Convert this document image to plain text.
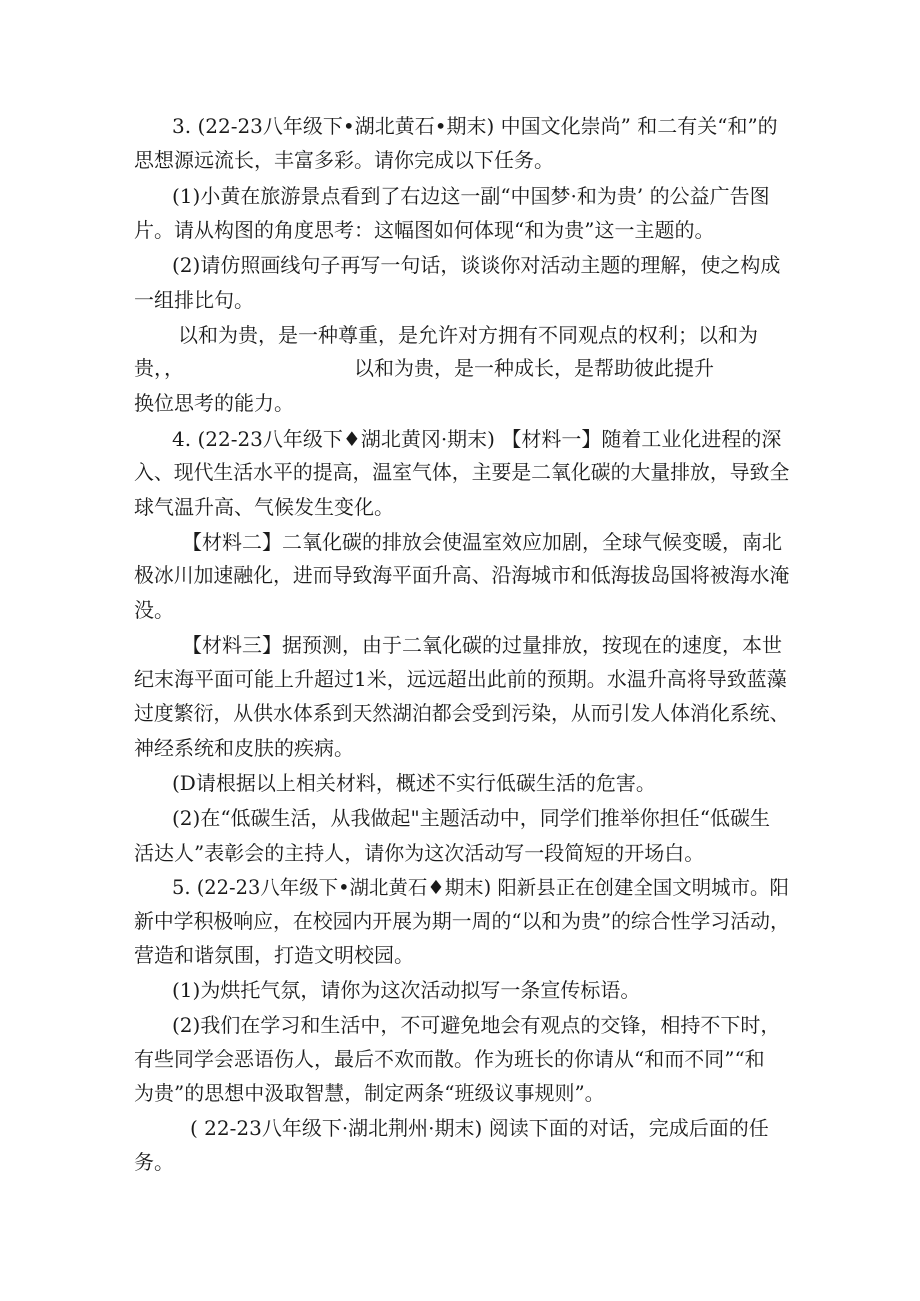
3. (22-23八年级下•湖北黄石•期末) 中国文化崇尚” 和二有关“和”的
思想源远流长，丰富多彩。请你完成以下任务。
(1)小黄在旅游景点看到了右边这一副“中国梦·和为贵’ 的公益广告图
片。请从构图的角度思考：这幅图如何体现“和为贵”这一主题的。
(2)请仿照画线句子再写一句话，谈谈你对活动主题的理解，使之构成
一组排比句。
以和为贵，是一种尊重，是允许对方拥有不同观点的权利；以和为
贵，，	以和为贵，是一种成长，是帮助彼此提升
换位思考的能力。
4. (22-23八年级下♦湖北黄冈·期末) 【材料一】随着工业化进程的深
入、现代生活水平的提高，温室气体，主要是二氧化碳的大量排放，导致全
球气温升高、气候发生变化。
【材料二】二氧化碳的排放会使温室效应加剧，全球气候变暖，南北
极冰川加速融化，进而导致海平面升高、沿海城市和低海拔岛国将被海水淹
没。
【材料三】据预测，由于二氧化碳的过量排放，按现在的速度，本世
纪末海平面可能上升超过1米，远远超出此前的预期。水温升高将导致蓝藻
过度繁衍，从供水体系到天然湖泊都会受到污染，从而引发人体消化系统、
神经系统和皮肤的疾病。
(D请根据以上相关材料，概述不实行低碳生活的危害。
(2)在“低碳生活，从我做起"主题活动中，同学们推举你担任“低碳生
活达人”表彰会的主持人，请你为这次活动写一段简短的开场白。
5. (22-23八年级下•湖北黄石♦期末) 阳新县正在创建全国文明城市。阳
新中学积极响应，在校园内开展为期一周的“以和为贵”的综合性学习活动，
营造和谐氛围，打造文明校园。
(1)为烘托气氛，请你为这次活动拟写一条宣传标语。
(2)我们在学习和生活中，不可避免地会有观点的交锋，相持不下时，
有些同学会恶语伤人，最后不欢而散。作为班长的你请从“和而不同”“和
为贵”的思想中汲取智慧，制定两条“班级议事规则”。
( 22-23八年级下·湖北荆州·期末) 阅读下面的对话，完成后面的任
务。
